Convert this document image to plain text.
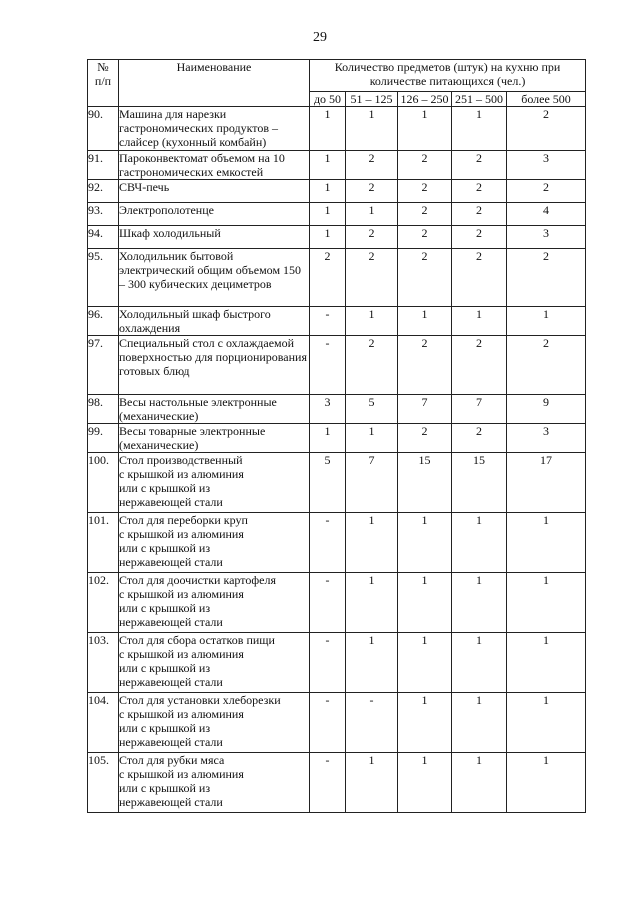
29
№
п/п	Наименование	Количество предметов (штук) на кухню при количестве питающихся (чел.)				
		до 50	51 – 125	126 – 250	251 – 500	более 500
90.	Машина для нарезки гастрономических продуктов – слайсер (кухонный комбайн)	1	1	1	1	2
91.	Пароконвектомат объемом на 10 гастрономических емкостей	1	2	2	2	3
92.	СВЧ-печь	1	2	2	2	2
93.	Электрополотенце	1	1	2	2	4
94.	Шкаф холодильный	1	2	2	2	3
95.	Холодильник бытовой электрический общим объемом 150 – 300 кубических дециметров	2	2	2	2	2
96.	Холодильный шкаф быстрого охлаждения	-	1	1	1	1
97.	Специальный стол с охлаждаемой поверхностью для порционирования готовых блюд	-	2	2	2	2
98.	Весы настольные электронные (механические)	3	5	7	7	9
99.	Весы товарные электронные (механические)	1	1	2	2	3
100.	Стол производственный
с крышкой из алюминия
или с крышкой из
нержавеющей стали	5	7	15	15	17
101.	Стол для переборки круп
с крышкой из алюминия
или с крышкой из
нержавеющей стали	-	1	1	1	1
102.	Стол для доочистки картофеля
с крышкой из алюминия
или с крышкой из
нержавеющей стали	-	1	1	1	1
103.	Стол для сбора остатков пищи
с крышкой из алюминия
или с крышкой из
нержавеющей стали	-	1	1	1	1
104.	Стол для установки хлеборезки
с крышкой из алюминия
или с крышкой из
нержавеющей стали	-	-	1	1	1
105.	Стол для рубки мяса
с крышкой из алюминия
или с крышкой из
нержавеющей стали	-	1	1	1	1
